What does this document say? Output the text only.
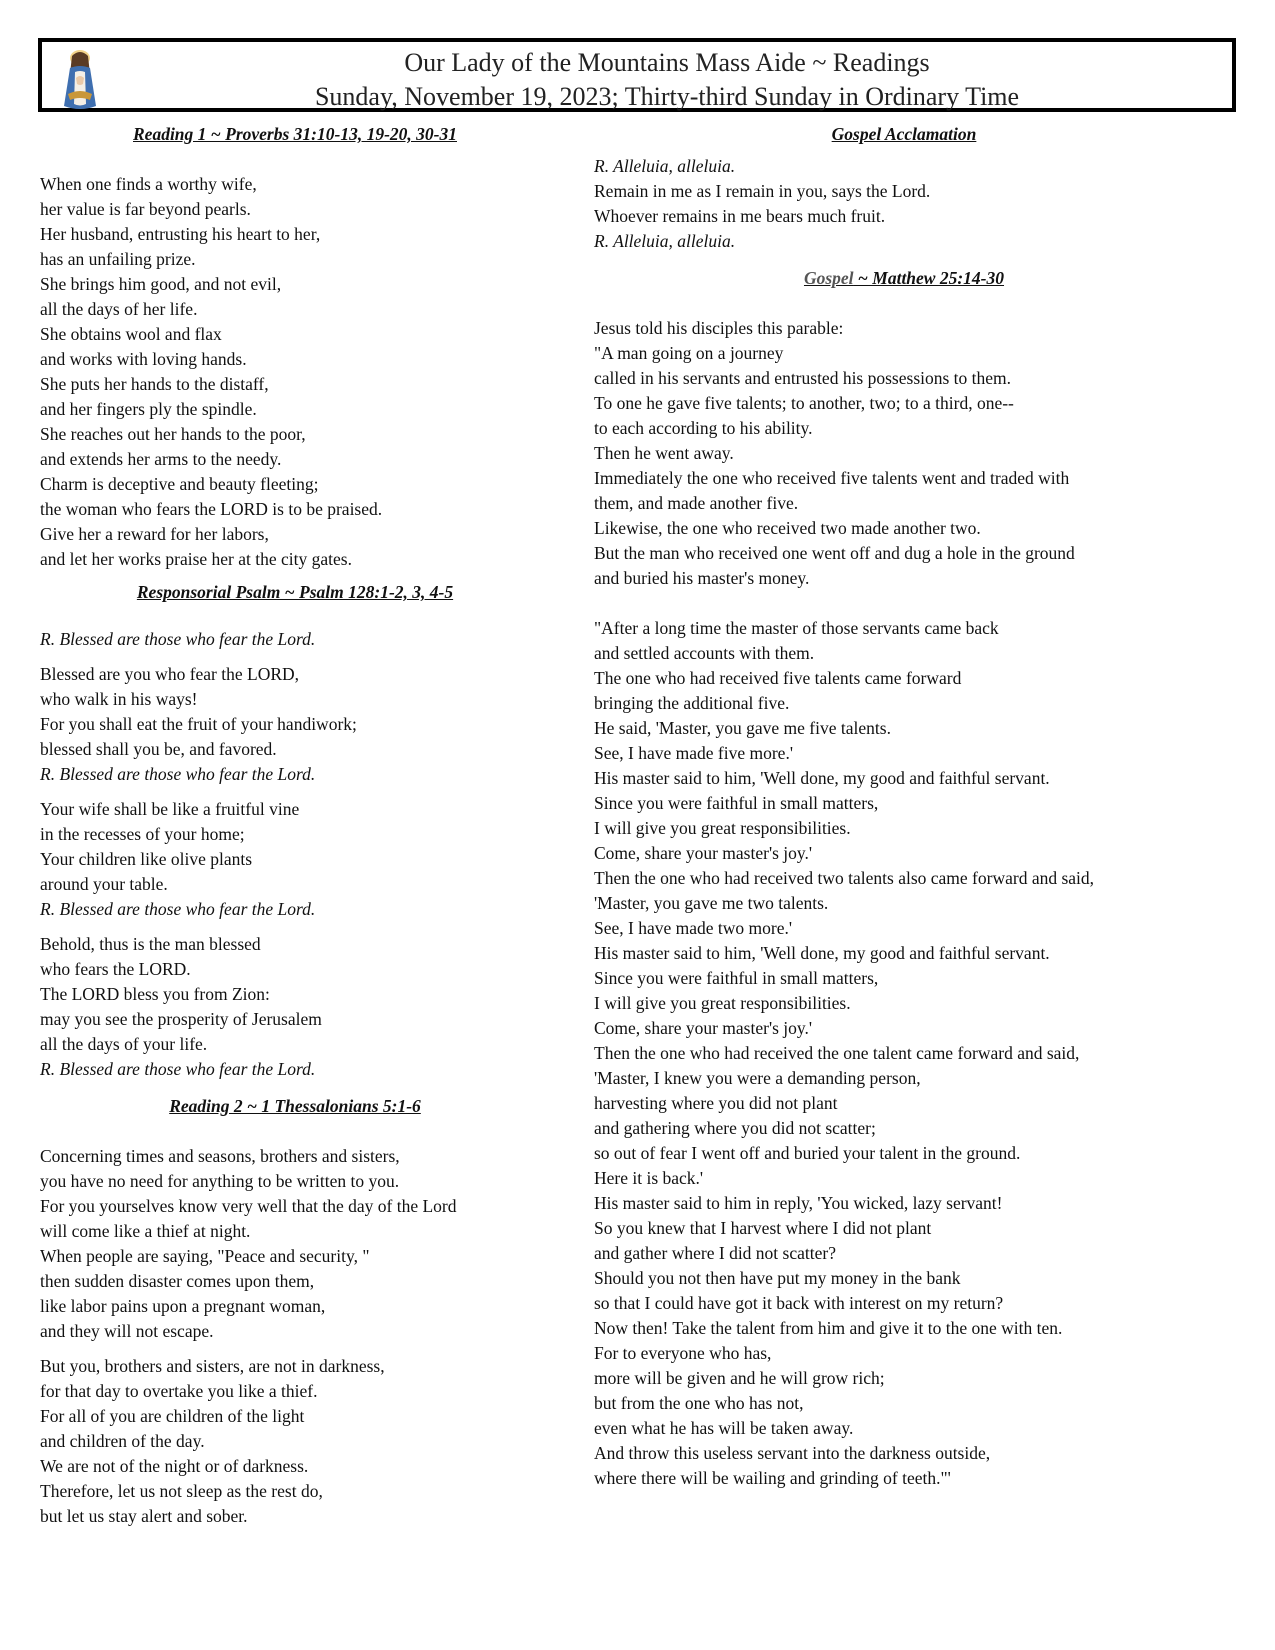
Our Lady of the Mountains Mass Aide ~ Readings
Sunday, November 19, 2023; Thirty-third Sunday in Ordinary Time
Reading 1 ~ Proverbs 31:10-13, 19-20, 30-31
When one finds a worthy wife,
her value is far beyond pearls.
Her husband, entrusting his heart to her,
has an unfailing prize.
She brings him good, and not evil,
all the days of her life.
She obtains wool and flax
and works with loving hands.
She puts her hands to the distaff,
and her fingers ply the spindle.
She reaches out her hands to the poor,
and extends her arms to the needy.
Charm is deceptive and beauty fleeting;
the woman who fears the LORD is to be praised.
Give her a reward for her labors,
and let her works praise her at the city gates.
Responsorial Psalm ~ Psalm 128:1-2, 3, 4-5
R. Blessed are those who fear the Lord.
Blessed are you who fear the LORD,
who walk in his ways!
For you shall eat the fruit of your handiwork;
blessed shall you be, and favored.
R. Blessed are those who fear the Lord.
Your wife shall be like a fruitful vine
in the recesses of your home;
Your children like olive plants
around your table.
R. Blessed are those who fear the Lord.
Behold, thus is the man blessed
who fears the LORD.
The LORD bless you from Zion:
may you see the prosperity of Jerusalem
all the days of your life.
R. Blessed are those who fear the Lord.
Reading 2 ~ 1 Thessalonians 5:1-6
Concerning times and seasons, brothers and sisters,
you have no need for anything to be written to you.
For you yourselves know very well that the day of the Lord
will come like a thief at night.
When people are saying, "Peace and security, "
then sudden disaster comes upon them,
like labor pains upon a pregnant woman,
and they will not escape.
But you, brothers and sisters, are not in darkness,
for that day to overtake you like a thief.
For all of you are children of the light
and children of the day.
We are not of the night or of darkness.
Therefore, let us not sleep as the rest do,
but let us stay alert and sober.
Gospel Acclamation
R. Alleluia, alleluia.
Remain in me as I remain in you, says the Lord.
Whoever remains in me bears much fruit.
R. Alleluia, alleluia.
Gospel ~ Matthew 25:14-30
Jesus told his disciples this parable:
"A man going on a journey
called in his servants and entrusted his possessions to them.
To one he gave five talents; to another, two; to a third, one--
to each according to his ability.
Then he went away.
Immediately the one who received five talents went and traded with
them, and made another five.
Likewise, the one who received two made another two.
But the man who received one went off and dug a hole in the ground
and buried his master's money.
"After a long time the master of those servants came back
and settled accounts with them.
The one who had received five talents came forward
bringing the additional five.
He said, 'Master, you gave me five talents.
See, I have made five more.'
His master said to him, 'Well done, my good and faithful servant.
Since you were faithful in small matters,
I will give you great responsibilities.
Come, share your master's joy.'
Then the one who had received two talents also came forward and said,
'Master, you gave me two talents.
See, I have made two more.'
His master said to him, 'Well done, my good and faithful servant.
Since you were faithful in small matters,
I will give you great responsibilities.
Come, share your master's joy.'
Then the one who had received the one talent came forward and said,
'Master, I knew you were a demanding person,
harvesting where you did not plant
and gathering where you did not scatter;
so out of fear I went off and buried your talent in the ground.
Here it is back.'
His master said to him in reply, 'You wicked, lazy servant!
So you knew that I harvest where I did not plant
and gather where I did not scatter?
Should you not then have put my money in the bank
so that I could have got it back with interest on my return?
Now then! Take the talent from him and give it to the one with ten.
For to everyone who has,
more will be given and he will grow rich;
but from the one who has not,
even what he has will be taken away.
And throw this useless servant into the darkness outside,
where there will be wailing and grinding of teeth."'
